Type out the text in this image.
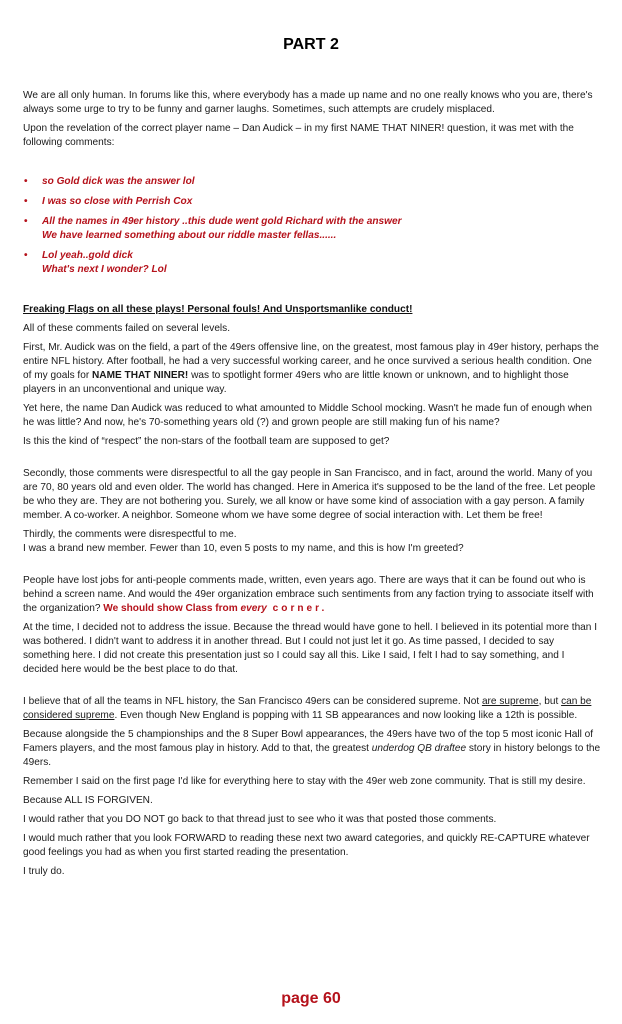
PART 2

We are all only human. In forums like this, where everybody has a made up name and no one really knows who you are, there's always some urge to try to be funny and garner laughs. Sometimes, such attempts are crudely misplaced.

Upon the revelation of the correct player name – Dan Audick – in my first NAME THAT NINER! question, it was met with the following comments:

• so Gold dick was the answer lol
• I was so close with Perrish Cox
• All the names in 49er history ..this dude went gold Richard with the answer
We have learned something about our riddle master fellas......
• Lol yeah..gold dick
What's next I wonder? Lol

Freaking Flags on all these plays! Personal fouls! And Unsportsmanlike conduct!

All of these comments failed on several levels.

First, Mr. Audick was on the field, a part of the 49ers offensive line, on the greatest, most famous play in 49er history, perhaps the entire NFL history. After football, he had a very successful working career, and he once survived a serious health condition. One of my goals for NAME THAT NINER! was to spotlight former 49ers who are little known or unknown, and to highlight those players in an unconventional and unique way.

Yet here, the name Dan Audick was reduced to what amounted to Middle School mocking. Wasn't he made fun of enough when he was little? And now, he's 70-something years old (?) and grown people are still making fun of his name?

Is this the kind of “respect” the non-stars of the football team are supposed to get?

Secondly, those comments were disrespectful to all the gay people in San Francisco, and in fact, around the world. Many of you are 70, 80 years old and even older. The world has changed. Here in America it's supposed to be the land of the free. Let people be who they are. They are not bothering you. Surely, we all know or have some kind of association with a gay person. A family member. A co-worker. A neighbor. Someone whom we have some degree of social interaction with. Let them be free!

Thirdly, the comments were disrespectful to me.
I was a brand new member. Fewer than 10, even 5 posts to my name, and this is how I'm greeted?

People have lost jobs for anti-people comments made, written, even years ago. There are ways that it can be found out who is behind a screen name. And would the 49er organization embrace such sentiments from any faction trying to associate itself with the organization? We should show Class from every corner.

At the time, I decided not to address the issue. Because the thread would have gone to hell. I believed in its potential more than I was bothered. I didn't want to address it in another thread. But I could not just let it go. As time passed, I decided to say something here. I did not create this presentation just so I could say all this. Like I said, I felt I had to say something, and I decided here would be the best place to do that.

I believe that of all the teams in NFL history, the San Francisco 49ers can be considered supreme. Not are supreme, but can be considered supreme. Even though New England is popping with 11 SB appearances and now looking like a 12th is possible.

Because alongside the 5 championships and the 8 Super Bowl appearances, the 49ers have two of the top 5 most iconic Hall of Famers players, and the most famous play in history. Add to that, the greatest underdog QB draftee story in history belongs to the 49ers.

Remember I said on the first page I'd like for everything here to stay with the 49er web zone community. That is still my desire.

Because ALL IS FORGIVEN.

I would rather that you DO NOT go back to that thread just to see who it was that posted those comments.

I would much rather that you look FORWARD to reading these next two award categories, and quickly RE-CAPTURE whatever good feelings you had as when you first started reading the presentation.

I truly do.

page 60
